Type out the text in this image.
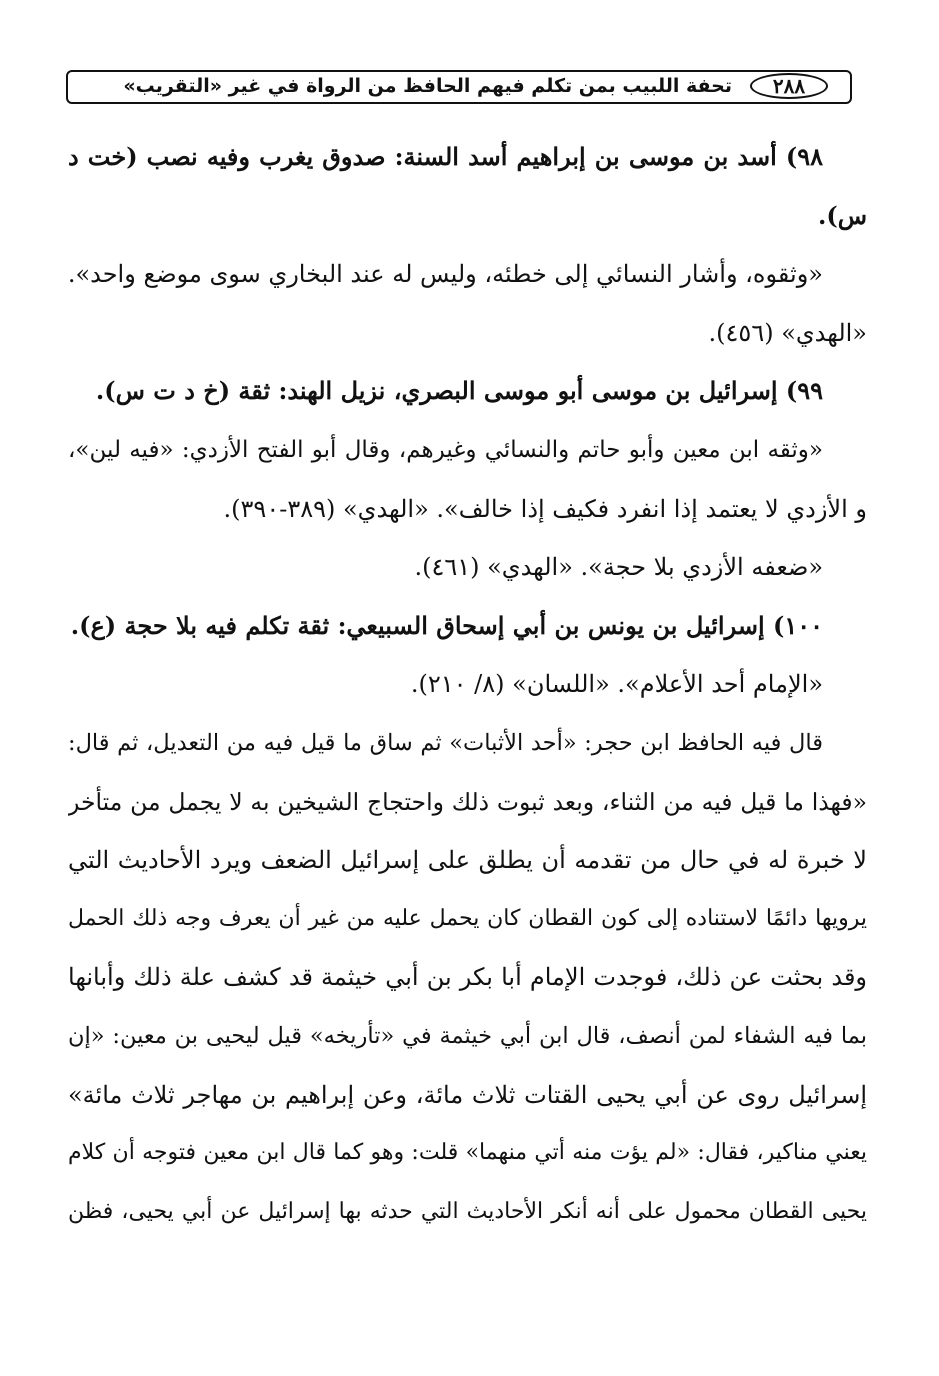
٢٨٨
تحفة اللبيب بمن تكلم فيهم الحافظ من الرواة في غير «التقريب»
٩٨) أسد بن موسى بن إبراهيم أسد السنة: صدوق يغرب وفيه نصب (خت د
س).
«وثقوه، وأشار النسائي إلى خطئه، وليس له عند البخاري سوى موضع واحد».
«الهدي» (٤٥٦).
٩٩) إسرائيل بن موسى أبو موسى البصري، نزيل الهند: ثقة (خ د ت س).
«وثقه ابن معين وأبو حاتم والنسائي وغيرهم، وقال أبو الفتح الأزدي: «فيه لين»،
و الأزدي لا يعتمد إذا انفرد فكيف إذا خالف». «الهدي» (٣٨٩-٣٩٠).
«ضعفه الأزدي بلا حجة». «الهدي» (٤٦١).
١٠٠) إسرائيل بن يونس بن أبي إسحاق السبيعي: ثقة تكلم فيه بلا حجة (ع).
«الإمام أحد الأعلام». «اللسان» (٨/ ٢١٠).
قال فيه الحافظ ابن حجر: «أحد الأثبات» ثم ساق ما قيل فيه من التعديل، ثم قال:
«فهذا ما قيل فيه من الثناء، وبعد ثبوت ذلك واحتجاج الشيخين به لا يجمل من متأخر
لا خبرة له في حال من تقدمه أن يطلق على إسرائيل الضعف ويرد الأحاديث التي
يرويها دائمًا لاستناده إلى كون القطان كان يحمل عليه من غير أن يعرف وجه ذلك الحمل
وقد بحثت عن ذلك، فوجدت الإمام أبا بكر بن أبي خيثمة قد كشف علة ذلك وأبانها
بما فيه الشفاء لمن أنصف، قال ابن أبي خيثمة في «تأريخه» قيل ليحيى بن معين: «إن
إسرائيل روى عن أبي يحيى القتات ثلاث مائة، وعن إبراهيم بن مهاجر ثلاث مائة»
يعني مناكير، فقال: «لم يؤت منه أتي منهما» قلت: وهو كما قال ابن معين فتوجه أن كلام
يحيى القطان محمول على أنه أنكر الأحاديث التي حدثه بها إسرائيل عن أبي يحيى، فظن
